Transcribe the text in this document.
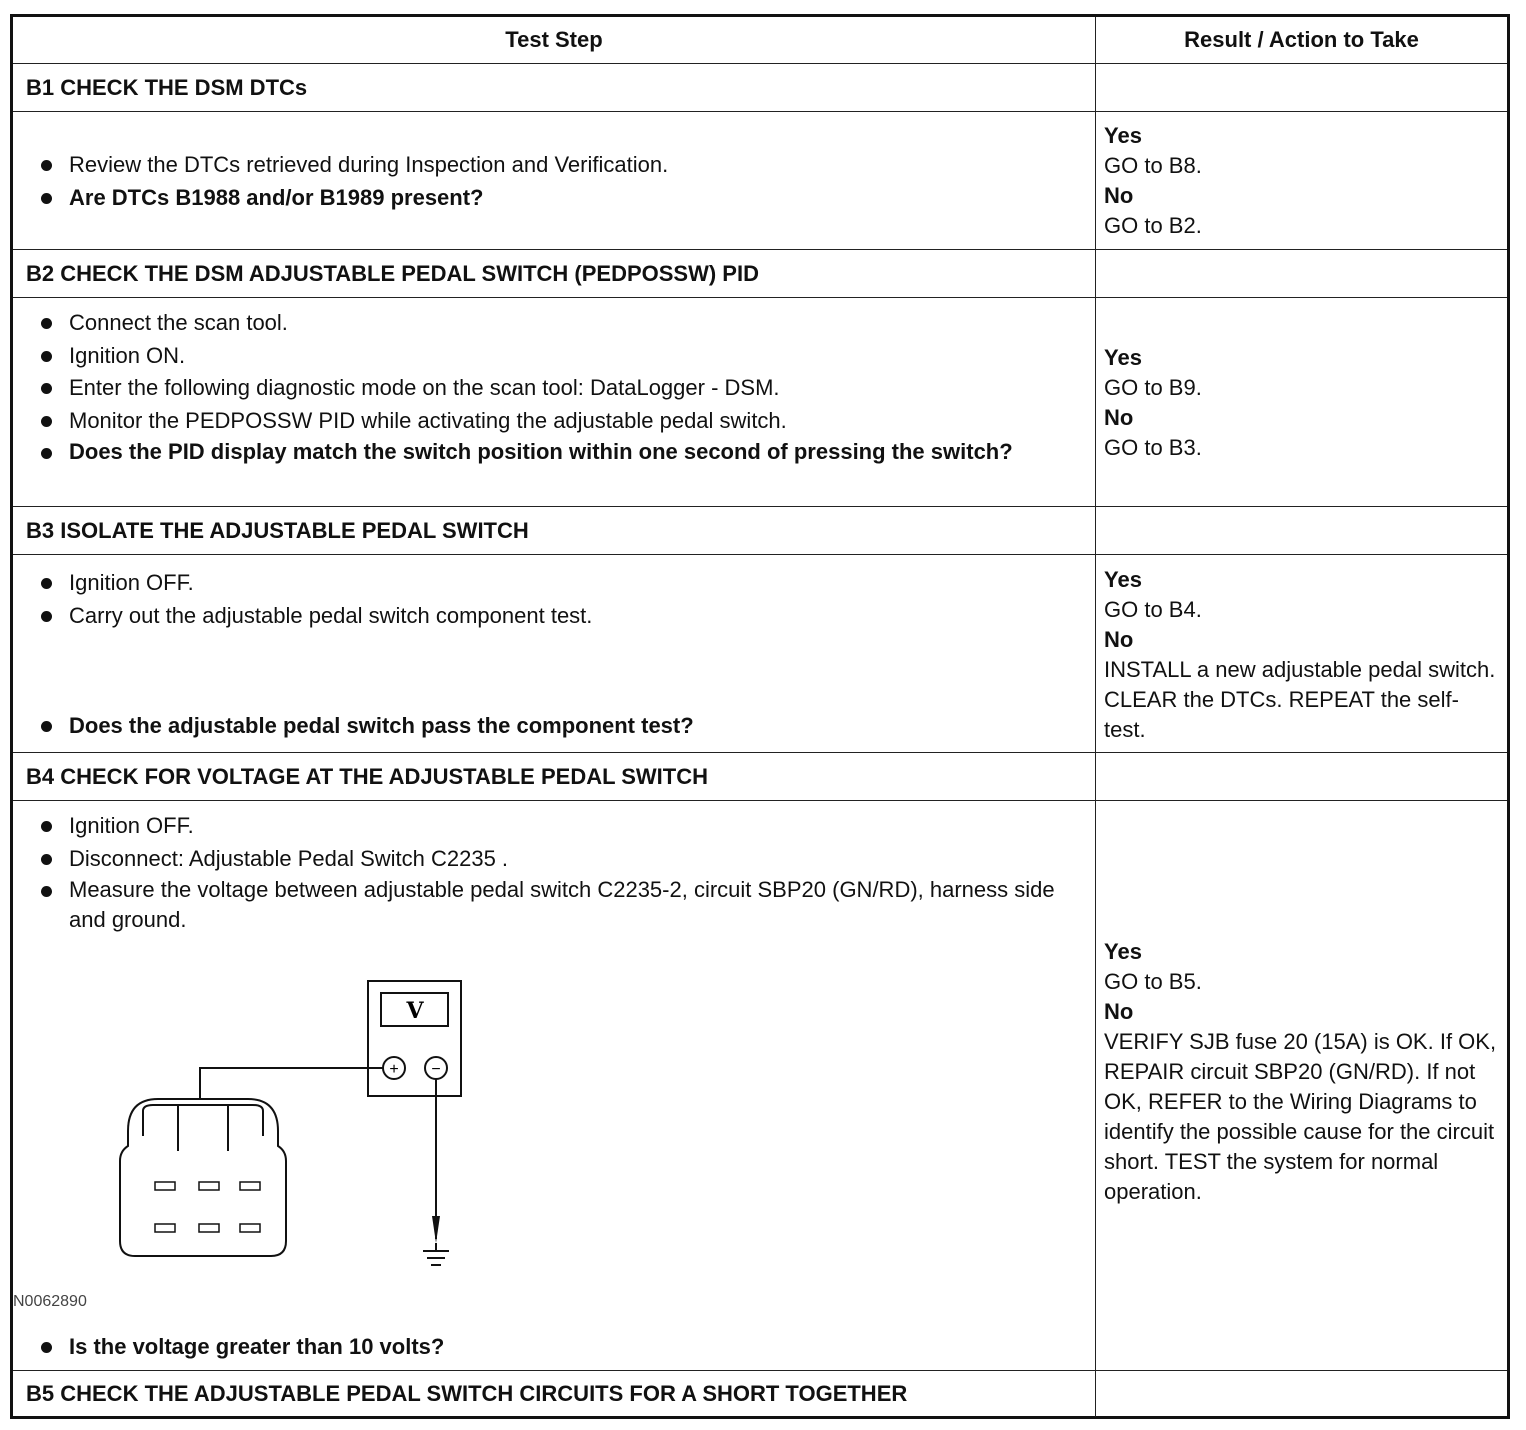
Test Step	Result / Action to Take
B1 CHECK THE DSM DTCs
Review the DTCs retrieved during Inspection and Verification.
Are DTCs B1988 and/or B1989 present?
Yes
GO to B8.
No
GO to B2.
B2 CHECK THE DSM ADJUSTABLE PEDAL SWITCH (PEDPOSSW) PID
Connect the scan tool.
Ignition ON.
Enter the following diagnostic mode on the scan tool: DataLogger - DSM.
Monitor the PEDPOSSW PID while activating the adjustable pedal switch.
Does the PID display match the switch position within one second of pressing the switch?
Yes
GO to B9.
No
GO to B3.
B3 ISOLATE THE ADJUSTABLE PEDAL SWITCH
Ignition OFF.
Carry out the adjustable pedal switch component test.
Does the adjustable pedal switch pass the component test?
Yes
GO to B4.
No
INSTALL a new adjustable pedal switch. CLEAR the DTCs. REPEAT the self-test.
B4 CHECK FOR VOLTAGE AT THE ADJUSTABLE PEDAL SWITCH
Ignition OFF.
Disconnect: Adjustable Pedal Switch C2235 .
Measure the voltage between adjustable pedal switch C2235-2, circuit SBP20 (GN/RD), harness side and ground.
V
+ −
N0062890
Is the voltage greater than 10 volts?
Yes
GO to B5.
No
VERIFY SJB fuse 20 (15A) is OK. If OK, REPAIR circuit SBP20 (GN/RD). If not OK, REFER to the Wiring Diagrams to identify the possible cause for the circuit short. TEST the system for normal operation.
B5 CHECK THE ADJUSTABLE PEDAL SWITCH CIRCUITS FOR A SHORT TOGETHER
